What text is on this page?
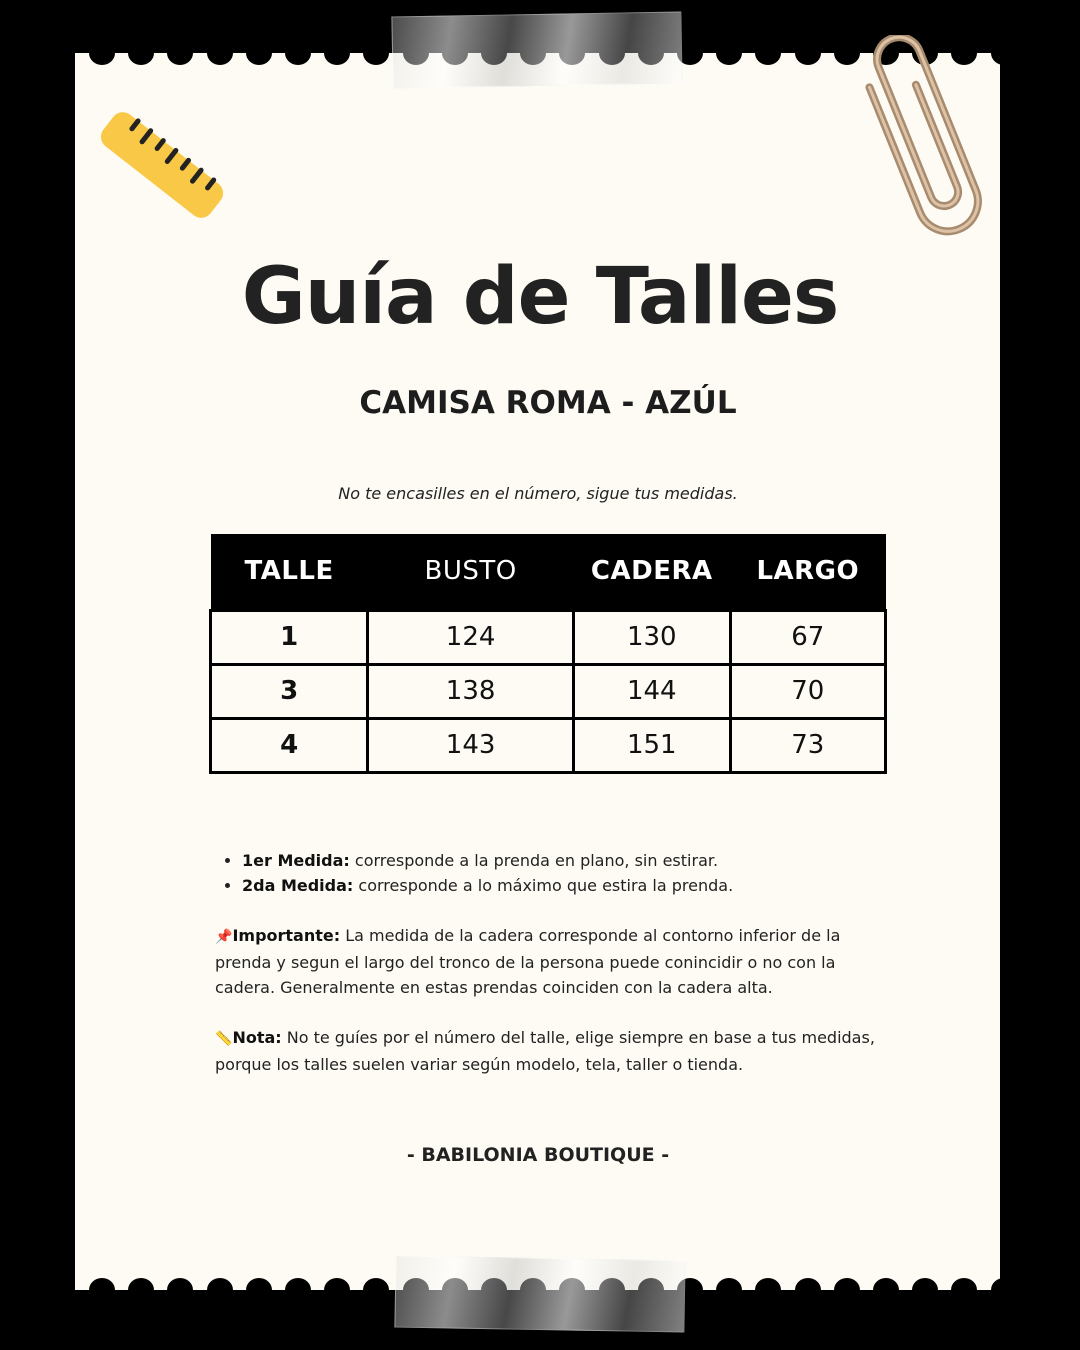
Guía de Talles
CAMISA ROMA - AZÚL
No te encasilles en el número, sigue tus medidas.
TALLE	BUSTO	CADERA	LARGO
1	124	130	67
3	138	144	70
4	143	151	73
• 1er Medida: corresponde a la prenda en plano, sin estirar.
• 2da Medida: corresponde a lo máximo que estira la prenda.

📌Importante: La medida de la cadera corresponde al contorno inferior de la prenda y segun el largo del tronco de la persona puede conincidir o no con la cadera. Generalmente en estas prendas coinciden con la cadera alta.

📏Nota: No te guíes por el número del talle, elige siempre en base a tus medidas, porque los talles suelen variar según modelo, tela, taller o tienda.

- BABILONIA BOUTIQUE -
